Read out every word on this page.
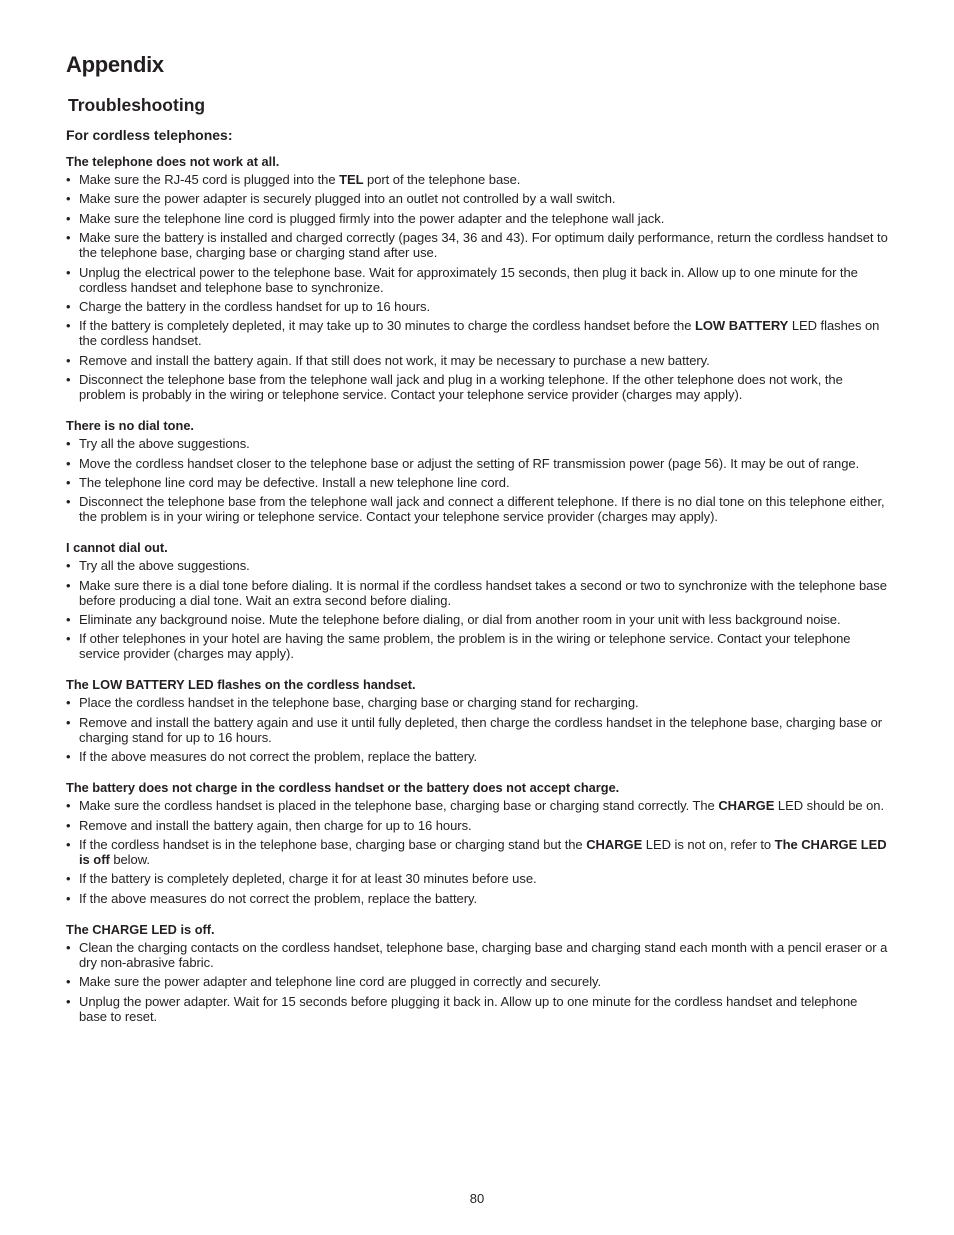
Appendix
Troubleshooting
For cordless telephones:
The telephone does not work at all.
• Make sure the RJ-45 cord is plugged into the TEL port of the telephone base.
• Make sure the power adapter is securely plugged into an outlet not controlled by a wall switch.
• Make sure the telephone line cord is plugged firmly into the power adapter and the telephone wall jack.
• Make sure the battery is installed and charged correctly (pages 34, 36 and 43). For optimum daily performance, return the cordless handset to the telephone base, charging base or charging stand after use.
• Unplug the electrical power to the telephone base. Wait for approximately 15 seconds, then plug it back in. Allow up to one minute for the cordless handset and telephone base to synchronize.
• Charge the battery in the cordless handset for up to 16 hours.
• If the battery is completely depleted, it may take up to 30 minutes to charge the cordless handset before the LOW BATTERY LED flashes on the cordless handset.
• Remove and install the battery again. If that still does not work, it may be necessary to purchase a new battery.
• Disconnect the telephone base from the telephone wall jack and plug in a working telephone. If the other telephone does not work, the problem is probably in the wiring or telephone service. Contact your telephone service provider (charges may apply).
There is no dial tone.
• Try all the above suggestions.
• Move the cordless handset closer to the telephone base or adjust the setting of RF transmission power (page 56). It may be out of range.
• The telephone line cord may be defective. Install a new telephone line cord.
• Disconnect the telephone base from the telephone wall jack and connect a different telephone. If there is no dial tone on this telephone either, the problem is in your wiring or telephone service. Contact your telephone service provider (charges may apply).
I cannot dial out.
• Try all the above suggestions.
• Make sure there is a dial tone before dialing. It is normal if the cordless handset takes a second or two to synchronize with the telephone base before producing a dial tone. Wait an extra second before dialing.
• Eliminate any background noise. Mute the telephone before dialing, or dial from another room in your unit with less background noise.
• If other telephones in your hotel are having the same problem, the problem is in the wiring or telephone service. Contact your telephone service provider (charges may apply).
The LOW BATTERY LED flashes on the cordless handset.
• Place the cordless handset in the telephone base, charging base or charging stand for recharging.
• Remove and install the battery again and use it until fully depleted, then charge the cordless handset in the telephone base, charging base or charging stand for up to 16 hours.
• If the above measures do not correct the problem, replace the battery.
The battery does not charge in the cordless handset or the battery does not accept charge.
• Make sure the cordless handset is placed in the telephone base, charging base or charging stand correctly. The CHARGE LED should be on.
• Remove and install the battery again, then charge for up to 16 hours.
• If the cordless handset is in the telephone base, charging base or charging stand but the CHARGE LED is not on, refer to The CHARGE LED is off below.
• If the battery is completely depleted, charge it for at least 30 minutes before use.
• If the above measures do not correct the problem, replace the battery.
The CHARGE LED is off.
• Clean the charging contacts on the cordless handset, telephone base, charging base and charging stand each month with a pencil eraser or a dry non-abrasive fabric.
• Make sure the power adapter and telephone line cord are plugged in correctly and securely.
• Unplug the power adapter. Wait for 15 seconds before plugging it back in. Allow up to one minute for the cordless handset and telephone base to reset.
80
